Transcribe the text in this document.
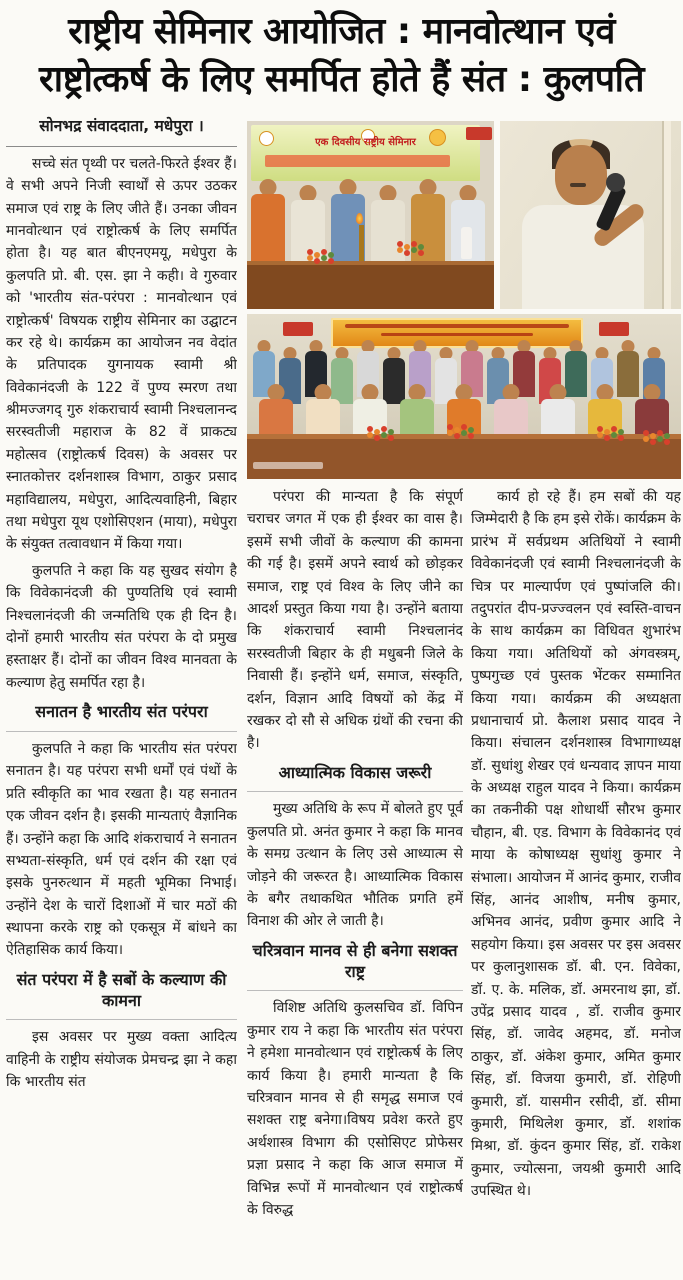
राष्ट्रीय सेमिनार आयोजित : मानवोत्थान एवं
राष्ट्रोत्कर्ष के लिए समर्पित होते हैं संत : कुलपति
सोनभद्र संवाददाता, मधेपुरा ।

सच्चे संत पृथ्वी पर चलते-फिरते ईश्वर हैं। वे सभी अपने निजी स्वार्थों से ऊपर उठकर समाज एवं राष्ट्र के लिए जीते हैं। उनका जीवन मानवोत्थान एवं राष्ट्रोत्कर्ष के लिए समर्पित होता है। यह बात बीएनएमयू, मधेपुरा के कुलपति प्रो. बी. एस. झा ने कही। वे गुरुवार को 'भारतीय संत-परंपरा : मानवोत्थान एवं राष्ट्रोत्कर्ष' विषयक राष्ट्रीय सेमिनार का उद्घाटन कर रहे थे। कार्यक्रम का आयोजन नव वेदांत के प्रतिपादक युगनायक स्वामी श्री विवेकानंदजी के 122 वें पुण्य स्मरण तथा श्रीमज्जगद् गुरु शंकराचार्य स्वामी निश्चलानन्द सरस्वतीजी महाराज के 82 वें प्राकट्य महोत्सव (राष्ट्रोत्कर्ष दिवस) के अवसर पर स्नातकोत्तर दर्शनशास्त्र विभाग, ठाकुर प्रसाद महाविद्यालय, मधेपुरा, आदित्यवाहिनी, बिहार तथा मधेपुरा यूथ एशोसिएशन (माया), मधेपुरा के संयुक्त तत्वावधान में किया गया।

कुलपति ने कहा कि यह सुखद संयोग है कि विवेकानंदजी की पुण्यतिथि एवं स्वामी निश्चलानंदजी की जन्मतिथि एक ही दिन है। दोनों हमारी भारतीय संत परंपरा के दो प्रमुख हस्ताक्षर हैं। दोनों का जीवन विश्व मानवता के कल्याण हेतु समर्पित रहा है।

सनातन है भारतीय संत परंपरा

कुलपति ने कहा कि भारतीय संत परंपरा सनातन है। यह परंपरा सभी धर्मों एवं पंथों के प्रति स्वीकृति का भाव रखता है। यह सनातन एक जीवन दर्शन है। इसकी मान्यताएं वैज्ञानिक हैं। उन्होंने कहा कि आदि शंकराचार्य ने सनातन सभ्यता-संस्कृति, धर्म एवं दर्शन की रक्षा एवं इसके पुनरुत्थान में महती भूमिका निभाई। उन्होंने देश के चारों दिशाओं में चार मठों की स्थापना करके राष्ट्र को एकसूत्र में बांधने का ऐतिहासिक कार्य किया।

संत परंपरा में है सबों के कल्याण की कामना

इस अवसर पर मुख्य वक्ता आदित्य वाहिनी के राष्ट्रीय संयोजक प्रेमचन्द्र झा ने कहा कि भारतीय संत

एक दिवसीय राष्ट्रीय सेमिनार

परंपरा की मान्यता है कि संपूर्ण चराचर जगत में एक ही ईश्वर का वास है। इसमें सभी जीवों के कल्याण की कामना की गई है। इसमें अपने स्वार्थ को छोड़कर समाज, राष्ट्र एवं विश्व के लिए जीने का आदर्श प्रस्तुत किया गया है। उन्होंने बताया कि शंकराचार्य स्वामी निश्चलानंद सरस्वतीजी बिहार के ही मधुबनी जिले के निवासी हैं। इन्होंने धर्म, समाज, संस्कृति, दर्शन, विज्ञान आदि विषयों को केंद्र में रखकर दो सौ से अधिक ग्रंथों की रचना की है।

आध्यात्मिक विकास जरूरी

मुख्य अतिथि के रूप में बोलते हुए पूर्व कुलपति प्रो. अनंत कुमार ने कहा कि मानव के समग्र उत्थान के लिए उसे आध्यात्म से जोड़ने की जरूरत है। आध्यात्मिक विकास के बगैर तथाकथित भौतिक प्रगति हमें विनाश की ओर ले जाती है।

चरित्रवान मानव से ही बनेगा सशक्त राष्ट्र

विशिष्ट अतिथि कुलसचिव डॉ. विपिन कुमार राय ने कहा कि भारतीय संत परंपरा ने हमेशा मानवोत्थान एवं राष्ट्रोत्कर्ष के लिए कार्य किया है। हमारी मान्यता है कि चरित्रवान मानव से ही समृद्ध समाज एवं सशक्त राष्ट्र बनेगा।विषय प्रवेश करते हुए अर्थशास्त्र विभाग की एसोसिएट प्रोफेसर प्रज्ञा प्रसाद ने कहा कि आज समाज में विभिन्न रूपों में मानवोत्थान एवं राष्ट्रोत्कर्ष के विरुद्ध

कार्य हो रहे हैं। हम सबों की यह जिम्मेदारी है कि हम इसे रोकें। कार्यक्रम के प्रारंभ में सर्वप्रथम अतिथियों ने स्वामी विवेकानंदजी एवं स्वामी निश्चलानंदजी के चित्र पर माल्यार्पण एवं पुष्पांजलि की। तदुपरांत दीप-प्रज्ज्वलन एवं स्वस्ति-वाचन के साथ कार्यक्रम का विधिवत शुभारंभ किया गया। अतिथियों को अंगवस्त्रम्, पुष्पगुच्छ एवं पुस्तक भेंटकर सम्मानित किया गया। कार्यक्रम की अध्यक्षता प्रधानाचार्य प्रो. कैलाश प्रसाद यादव ने किया। संचालन दर्शनशास्त्र विभागाध्यक्ष डॉ. सुधांशु शेखर एवं धन्यवाद ज्ञापन माया के अध्यक्ष राहुल यादव ने किया। कार्यक्रम का तकनीकी पक्ष शोधार्थी सौरभ कुमार चौहान, बी. एड. विभाग के विवेकानंद एवं माया के कोषाध्यक्ष सुधांशु कुमार ने संभाला। आयोजन में आनंद कुमार, राजीव सिंह, आनंद आशीष, मनीष कुमार, अभिनव आनंद, प्रवीण कुमार आदि ने सहयोग किया। इस अवसर पर इस अवसर पर कुलानुशासक डॉ. बी. एन. विवेका, डॉ. ए. के. मलिक, डॉ. अमरनाथ झा, डॉ. उपेंद्र प्रसाद यादव , डॉ. राजीव कुमार सिंह, डॉ. जावेद अहमद, डॉ. मनोज ठाकुर, डॉ. अंकेश कुमार, अमित कुमार सिंह, डॉ. विजया कुमारी, डॉ. रोहिणी कुमारी, डॉ. यासमीन रसीदी, डॉ. सीमा कुमारी, मिथिलेश कुमार, डॉ. शशांक मिश्रा, डॉ. कुंदन कुमार सिंह, डॉ. राकेश कुमार, ज्योत्सना, जयश्री कुमारी आदि उपस्थित थे।
